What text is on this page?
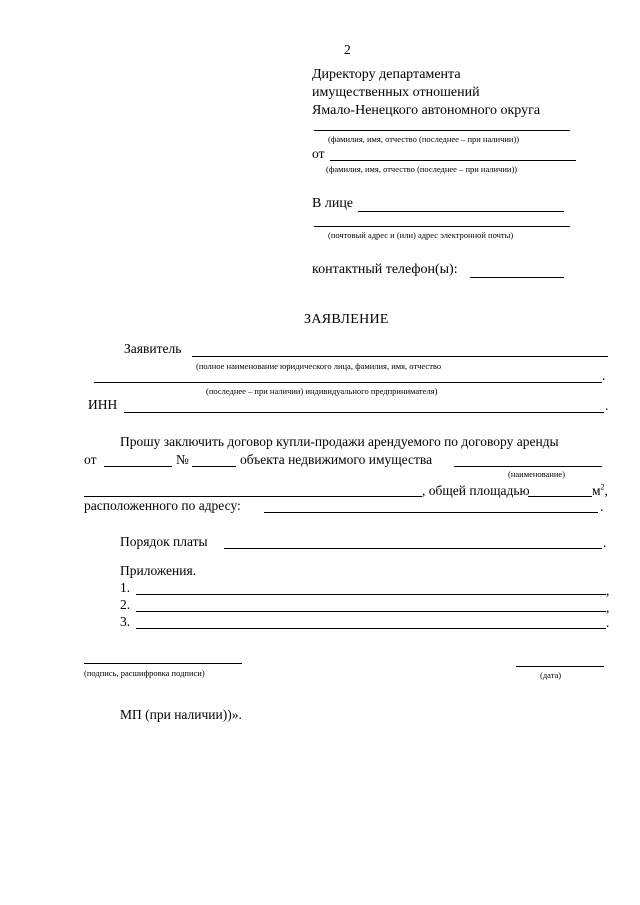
2
Директору департамента
имущественных отношений
Ямало-Ненецкого автономного округа
(фамилия, имя, отчество (последнее – при наличии))
от
(фамилия, имя, отчество (последнее – при наличии))
В лице
(почтовый адрес и (или) адрес электронной почты)
контактный телефон(ы):
ЗАЯВЛЕНИЕ
Заявитель
(полное наименование юридического лица, фамилия, имя, отчество
.
(последнее – при наличии) индивидуального предпринимателя)
ИНН	.
Прошу заключить договор купли-продажи арендуемого по договору аренды
от	№	объекта недвижимого имущества
(наименование)
, общей площадью	$м^2$,
расположенного по адресу:	.
Порядок платы	.
Приложения.
1.	,
2.	,
3.	.
(подпись, расшифровка подписи)	(дата)
МП (при наличии))».
